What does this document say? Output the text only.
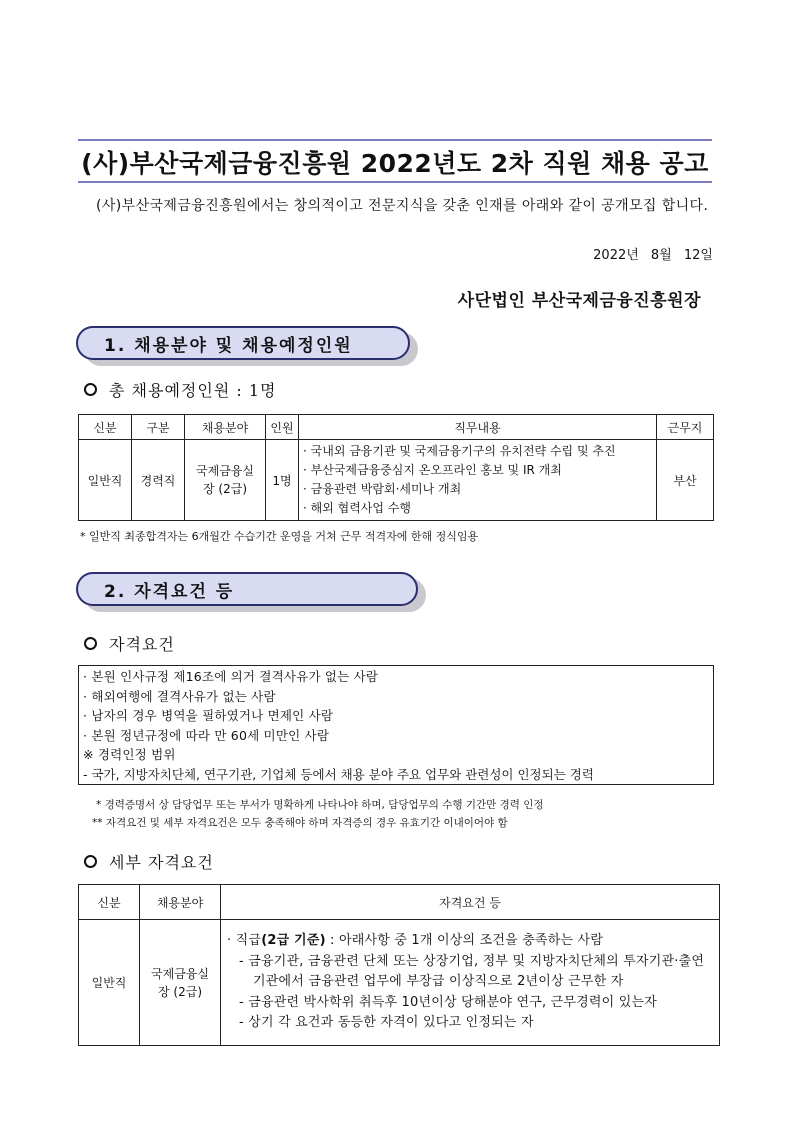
(사)부산국제금융진흥원 2022년도 2차 직원 채용 공고
(사)부산국제금융진흥원에서는 창의적이고 전문지식을 갖춘 인재를 아래와 같이 공개모집 합니다.
2022년 8월 12일
사단법인 부산국제금융진흥원장
1. 채용분야 및 채용예정인원
총 채용예정인원 : 1명
신분	구분	채용분야	인원	직무내용	근무지
일반직	경력직	국제금융실장 (2급)	1명	· 국내외 금융기관 및 국제금융기구의 유치전략 수립 및 추진
· 부산국제금융중심지 온오프라인 홍보 및 IR 개최
· 금융관련 박람회·세미나 개최
· 해외 협력사업 수행	부산
* 일반직 최종합격자는 6개월간 수습기간 운영을 거쳐 근무 적격자에 한해 정식임용
2. 자격요건 등
자격요건
· 본원 인사규정 제16조에 의거 결격사유가 없는 사람
· 해외여행에 결격사유가 없는 사람
· 남자의 경우 병역을 필하였거나 면제인 사람
· 본원 정년규정에 따라 만 60세 미만인 사람
※ 경력인정 범위
- 국가, 지방자치단체, 연구기관, 기업체 등에서 채용 분야 주요 업무와 관련성이 인정되는 경력
* 경력증명서 상 담당업무 또는 부서가 명확하게 나타나야 하며, 담당업무의 수행 기간만 경력 인정
** 자격요건 및 세부 자격요건은 모두 충족해야 하며 자격증의 경우 유효기간 이내이어야 함
세부 자격요건
신분	채용분야	자격요건 등
일반직	국제금융실장 (2급)	· 직급(2급 기준) : 아래사항 중 1개 이상의 조건을 충족하는 사람
- 금융기관, 금융관련 단체 또는 상장기업, 정부 및 지방자치단체의 투자기관·출연기관에서 금융관련 업무에 부장급 이상직으로 2년이상 근무한 자
- 금융관련 박사학위 취득후 10년이상 당해분야 연구, 근무경력이 있는자
- 상기 각 요건과 동등한 자격이 있다고 인정되는 자
